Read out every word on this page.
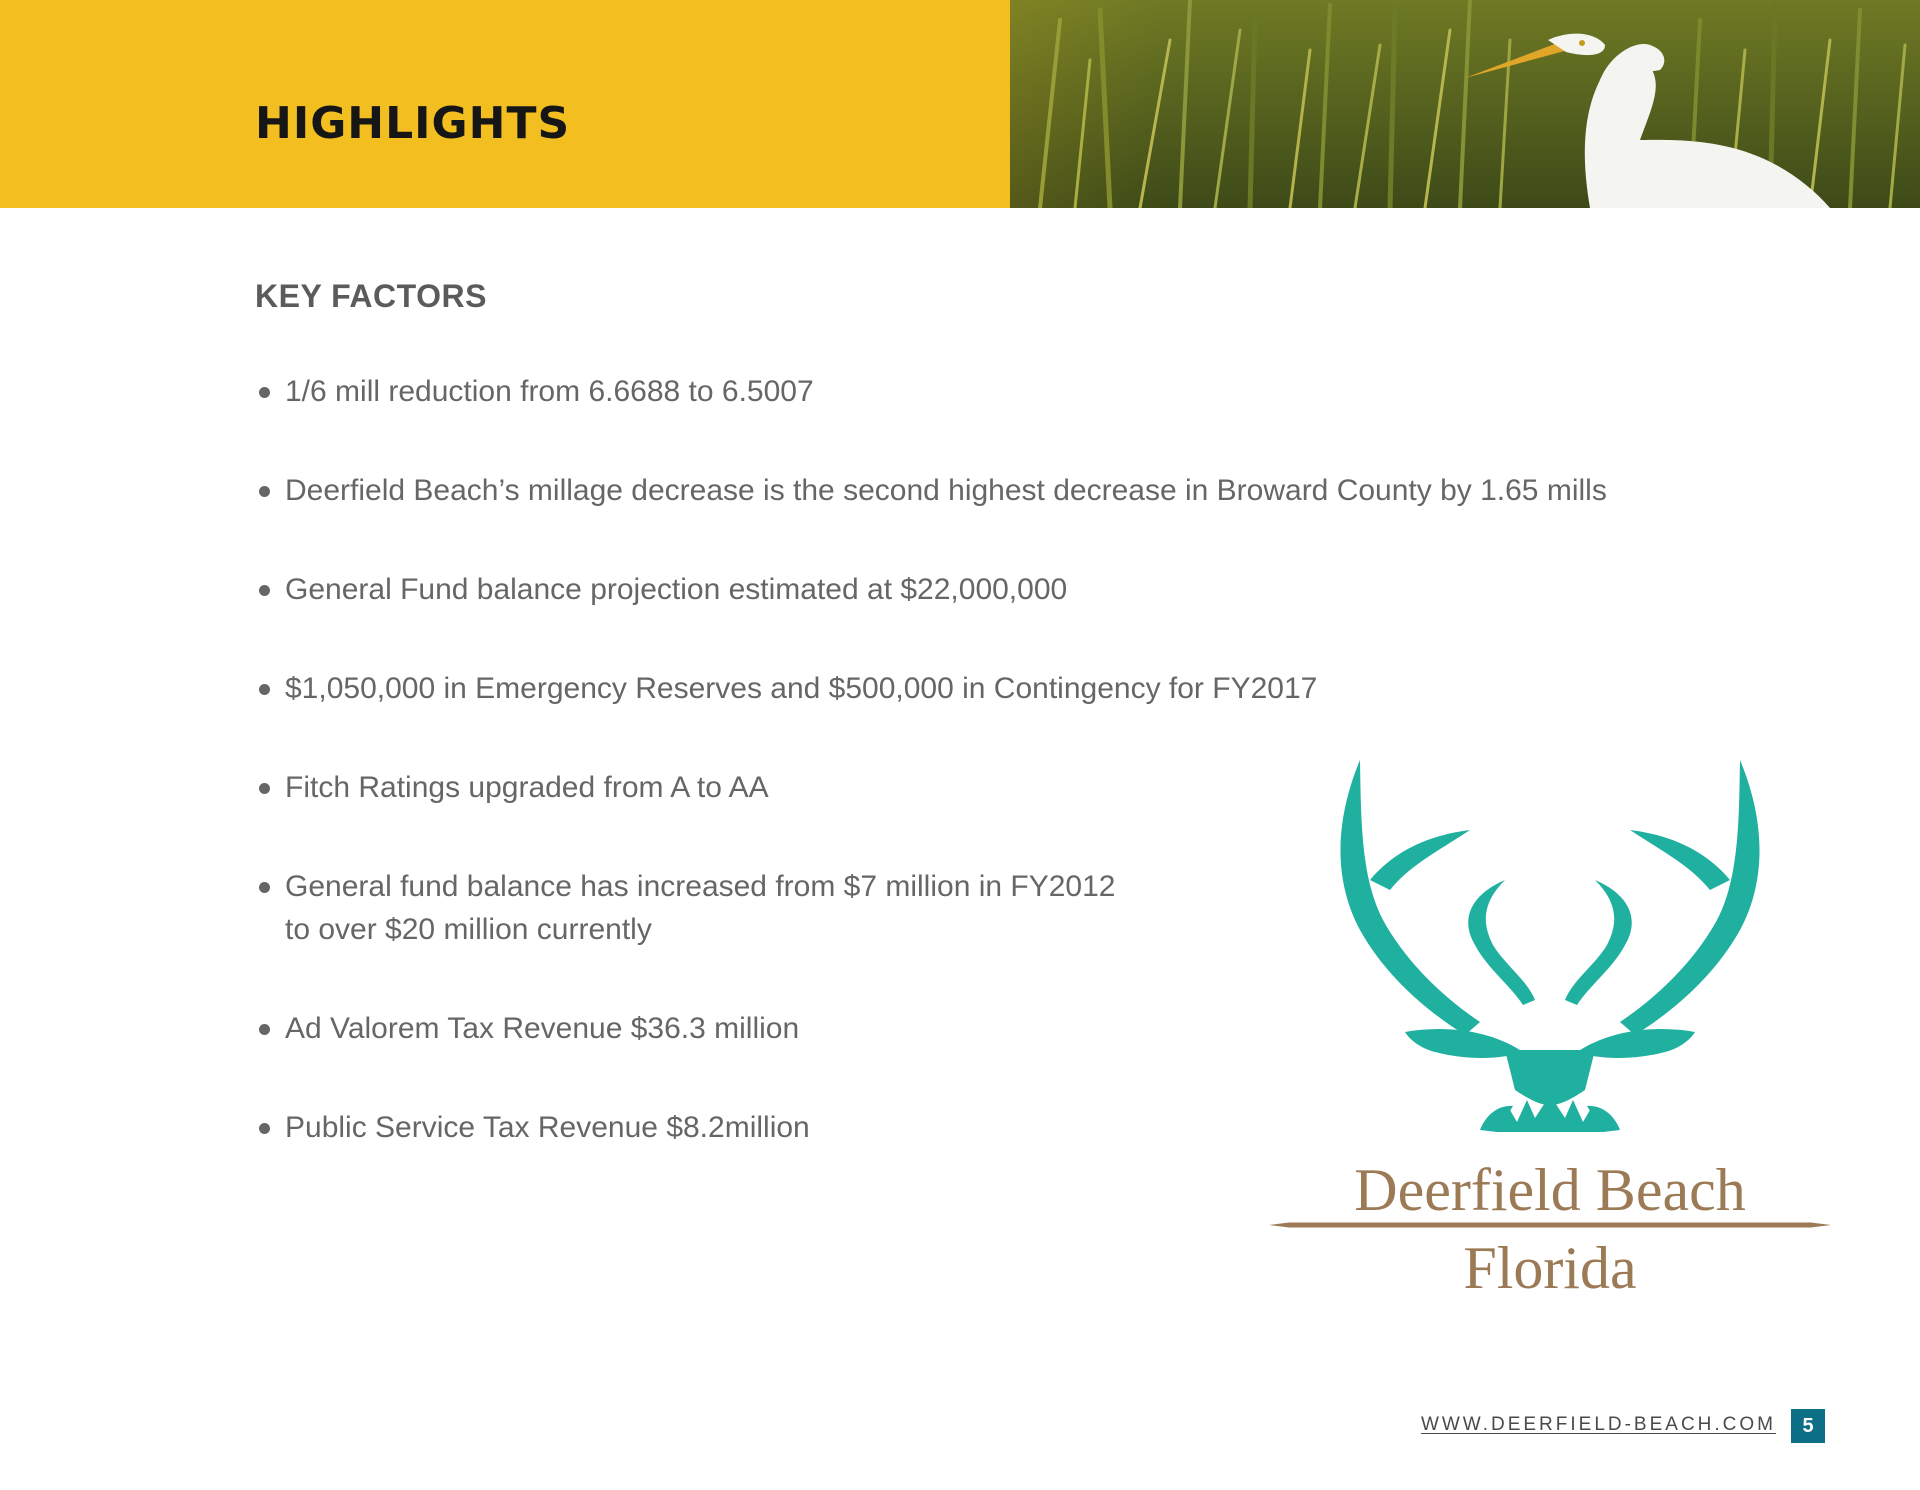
HIGHLIGHTS
KEY FACTORS
1/6 mill reduction from 6.6688 to 6.5007
Deerfield Beach’s millage decrease is the second highest decrease in Broward County by 1.65 mills
General Fund balance projection estimated at $22,000,000
$1,050,000 in Emergency Reserves and $500,000 in Contingency for FY2017
Fitch Ratings upgraded from A to AA
General fund balance has increased from $7 million in FY2012 to over $20 million currently
Ad Valorem Tax Revenue $36.3 million
Public Service Tax Revenue $8.2million
Deerfield Beach
Florida
WWW.DEERFIELD-BEACH.COM	5
